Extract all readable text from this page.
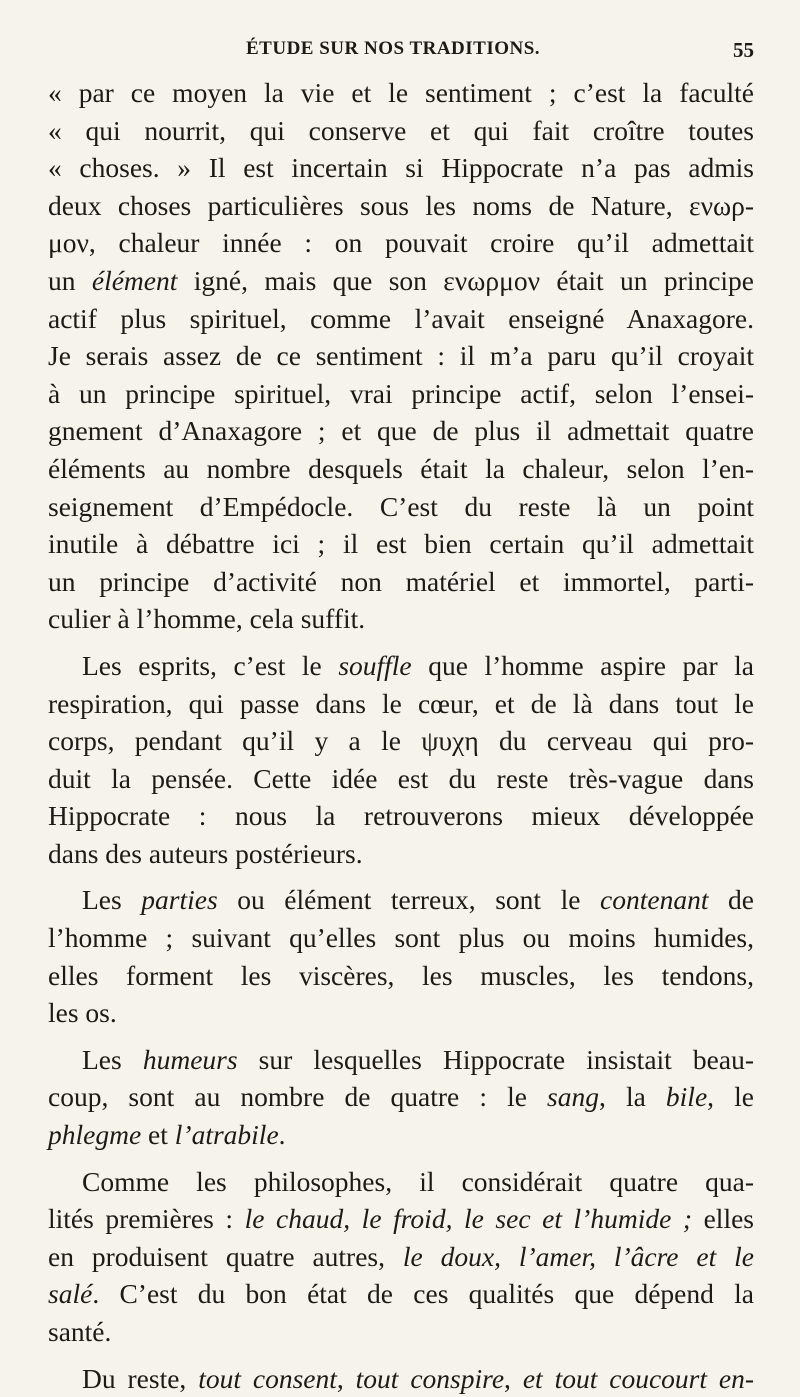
ÉTUDE SUR NOS TRADITIONS.	55

« par ce moyen la vie et le sentiment ; c’est la faculté

« qui nourrit, qui conserve et qui fait croître toutes

« choses. » Il est incertain si Hippocrate n’a pas admis

deux choses particulières sous les noms de Nature, ενωρ-

μον, chaleur innée : on pouvait croire qu’il admettait

un élément igné, mais que son ενωρμον était un principe

actif plus spirituel, comme l’avait enseigné Anaxagore.

Je serais assez de ce sentiment : il m’a paru qu’il croyait

à un principe spirituel, vrai principe actif, selon l’ensei-

gnement d’Anaxagore ; et que de plus il admettait quatre

éléments au nombre desquels était la chaleur, selon l’en-

seignement d’Empédocle. C’est du reste là un point

inutile à débattre ici ; il est bien certain qu’il admettait

un principe d’activité non matériel et immortel, parti-

culier à l’homme, cela suffit.

Les esprits, c’est le souffle que l’homme aspire par la

respiration, qui passe dans le cœur, et de là dans tout le

corps, pendant qu’il y a le ψυχη du cerveau qui pro-

duit la pensée. Cette idée est du reste très-vague dans

Hippocrate : nous la retrouverons mieux développée

dans des auteurs postérieurs.

Les parties ou élément terreux, sont le contenant de

l’homme ; suivant qu’elles sont plus ou moins humides,

elles forment les viscères, les muscles, les tendons,

les os.

Les humeurs sur lesquelles Hippocrate insistait beau-

coup, sont au nombre de quatre : le sang, la bile, le

phlegme et l’atrabile.

Comme les philosophes, il considérait quatre qua-

lités premières : le chaud, le froid, le sec et l’humide ; elles

en produisent quatre autres, le doux, l’amer, l’âcre et le

salé. C’est du bon état de ces qualités que dépend la

santé.

Du reste, tout consent, tout conspire, et tout coucourt en-
